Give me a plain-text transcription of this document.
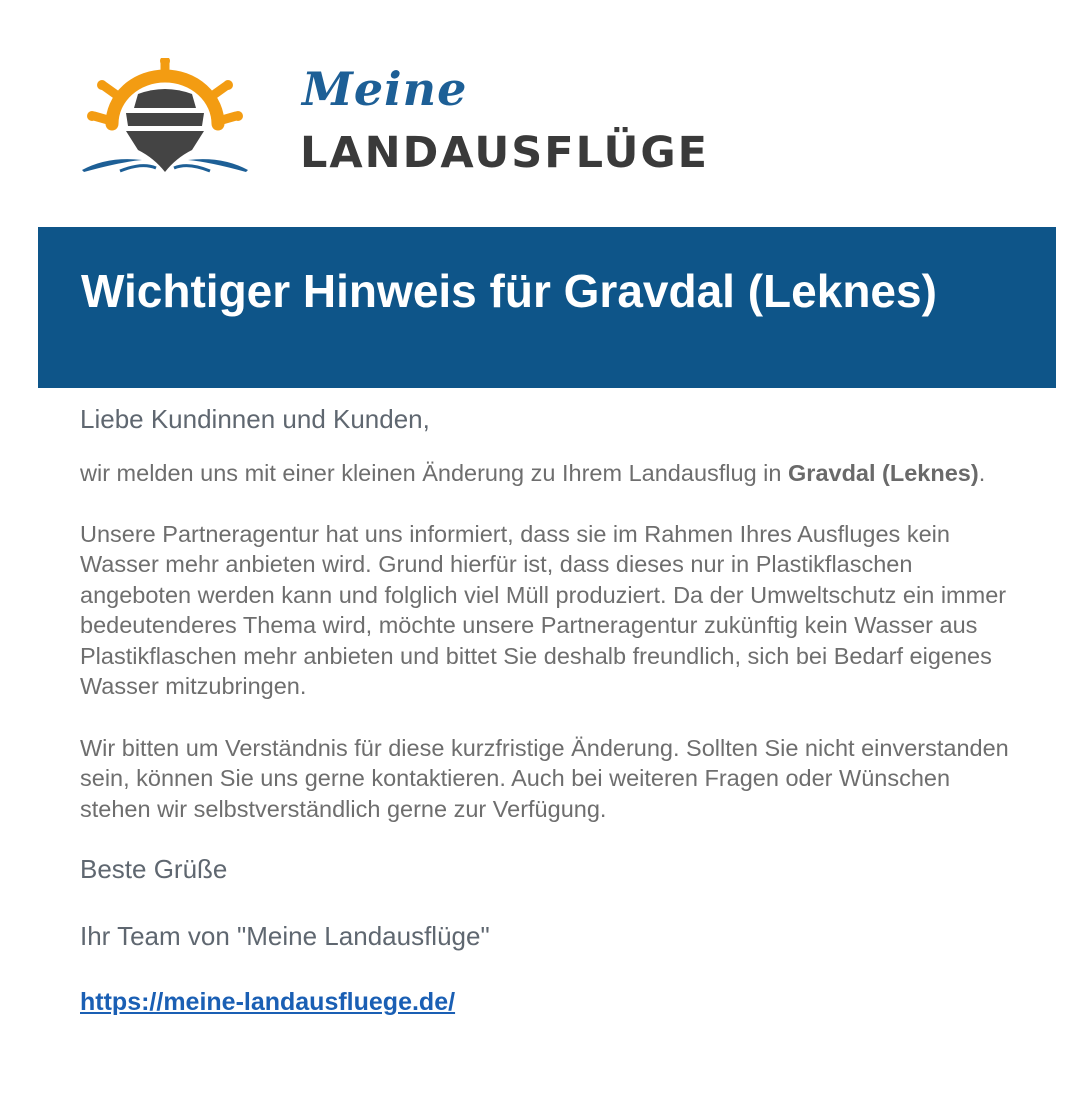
Meine
LANDAUSFLÜGE
Wichtiger Hinweis für Gravdal (Leknes)

Liebe Kundinnen und Kunden,

wir melden uns mit einer kleinen Änderung zu Ihrem Landausflug in Gravdal (Leknes).

Unsere Partneragentur hat uns informiert, dass sie im Rahmen Ihres Ausfluges kein Wasser mehr anbieten wird. Grund hierfür ist, dass dieses nur in Plastikflaschen angeboten werden kann und folglich viel Müll produziert. Da der Umweltschutz ein immer bedeutenderes Thema wird, möchte unsere Partneragentur zukünftig kein Wasser aus Plastikflaschen mehr anbieten und bittet Sie deshalb freundlich, sich bei Bedarf eigenes Wasser mitzubringen.

Wir bitten um Verständnis für diese kurzfristige Änderung. Sollten Sie nicht einverstanden sein, können Sie uns gerne kontaktieren. Auch bei weiteren Fragen oder Wünschen stehen wir selbstverständlich gerne zur Verfügung.

Beste Grüße

Ihr Team von "Meine Landausflüge"

https://meine-landausfluege.de/
